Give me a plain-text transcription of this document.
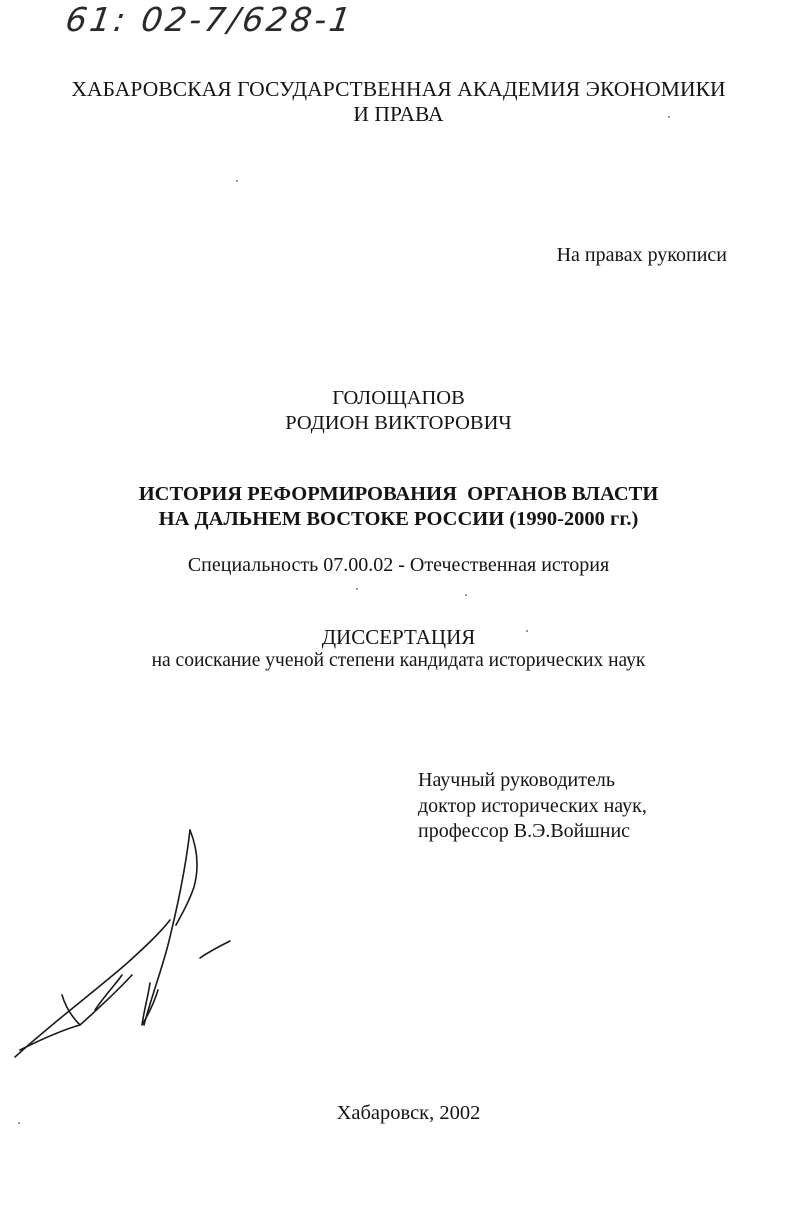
61: 02-7/628-1
ХАБАРОВСКАЯ ГОСУДАРСТВЕННАЯ АКАДЕМИЯ ЭКОНОМИКИ
И ПРАВА
На правах рукописи
ГОЛОЩАПОВ
РОДИОН ВИКТОРОВИЧ
ИСТОРИЯ РЕФОРМИРОВАНИЯ  ОРГАНОВ ВЛАСТИ
НА ДАЛЬНЕМ ВОСТОКЕ РОССИИ (1990-2000 гг.)
Специальность 07.00.02 - Отечественная история
ДИССЕРТАЦИЯ
на соискание ученой степени кандидата исторических наук
Научный руководитель
доктор исторических наук,
профессор В.Э.Войшнис
Хабаровск, 2002
